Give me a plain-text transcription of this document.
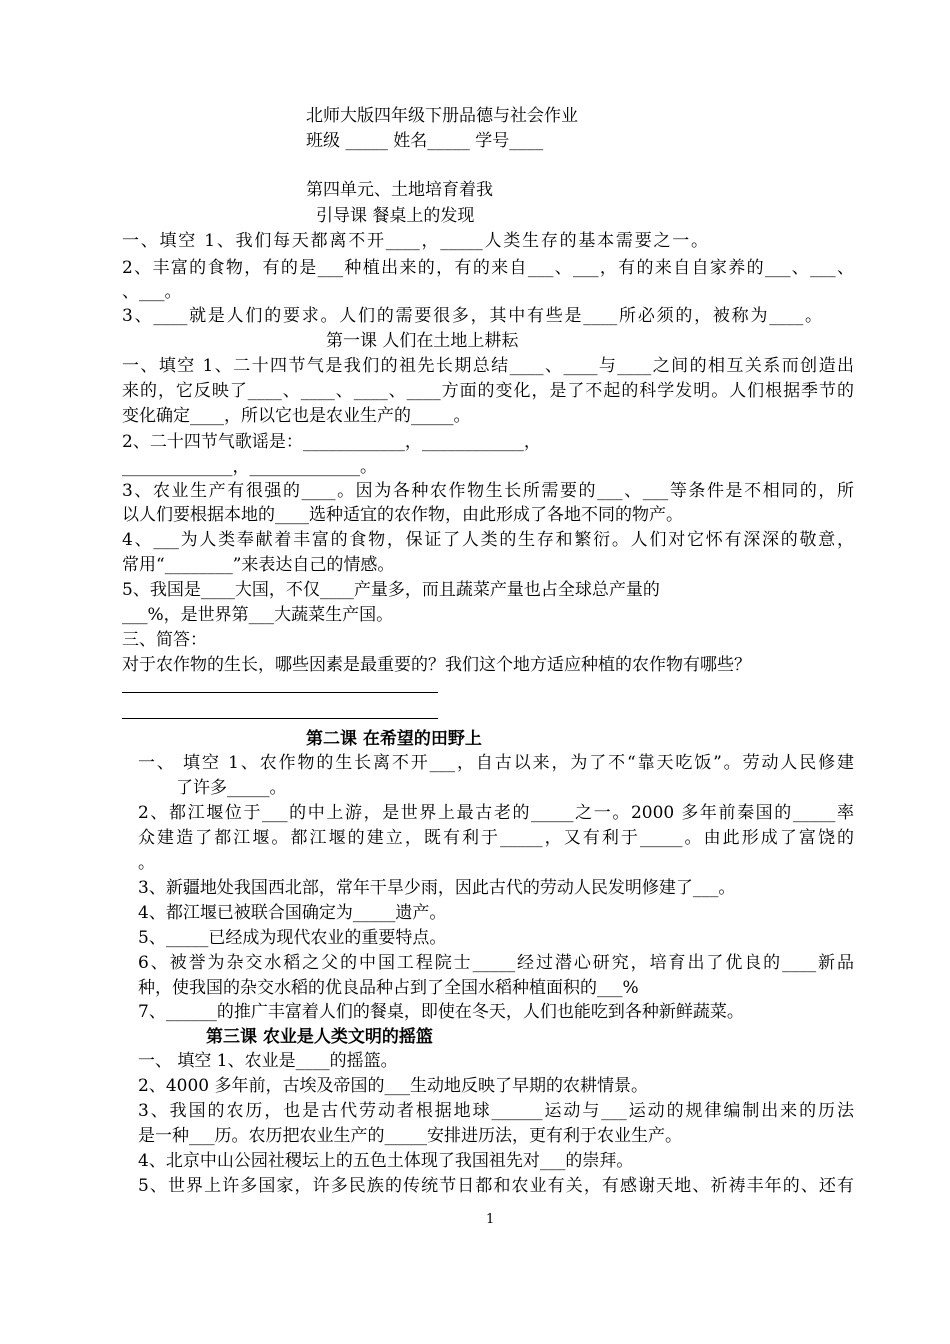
北师大版四年级下册品德与社会作业
班级 _____ 姓名_____ 学号____
第四单元、土地培育着我
引导课 餐桌上的发现
一、填空 1、我们每天都离不开____，_____人类生存的基本需要之一。
2、丰富的食物，有的是___种植出来的，有的来自___、___，有的来自自家养的___、___、
、___。
3、____就是人们的要求。人们的需要很多，其中有些是____所必须的，被称为____。
第一课 人们在土地上耕耘
一、填空 1、二十四节气是我们的祖先长期总结____、____与____之间的相互关系而创造出
来的，它反映了____、____、____、____方面的变化，是了不起的科学发明。人们根据季节的
变化确定____，所以它也是农业生产的_____。
2、二十四节气歌谣是：____________，____________，
_____________，_____________。
3、农业生产有很强的____。因为各种农作物生长所需要的___、___等条件是不相同的，所
以人们要根据本地的____选种适宜的农作物，由此形成了各地不同的物产。
4、___为人类奉献着丰富的食物，保证了人类的生存和繁衍。人们对它怀有深深的敬意，
常用“________”来表达自己的情感。
5、我国是____大国，不仅____产量多，而且蔬菜产量也占全球总产量的
___%，是世界第___大蔬菜生产国。
三、简答：
对于农作物的生长，哪些因素是最重要的？我们这个地方适应种植的农作物有哪些？
第二课 在希望的田野上
一、 填空 1、农作物的生长离不开___，自古以来，为了不“靠天吃饭”。劳动人民修建
了许多_____。
2、都江堰位于___的中上游，是世界上最古老的_____之一。2000 多年前秦国的_____率
众建造了都江堰。都江堰的建立，既有利于_____，又有利于_____。由此形成了富饶的
。
3、新疆地处我国西北部，常年干旱少雨，因此古代的劳动人民发明修建了___。
4、都江堰已被联合国确定为_____遗产。
5、_____已经成为现代农业的重要特点。
6、被誉为杂交水稻之父的中国工程院士_____经过潜心研究，培育出了优良的____新品
种，使我国的杂交水稻的优良品种占到了全国水稻种植面积的___%
7、______的推广丰富着人们的餐桌，即使在冬天，人们也能吃到各种新鲜蔬菜。
第三课 农业是人类文明的摇篮
一、 填空 1、农业是____的摇篮。
2、4000 多年前，古埃及帝国的___生动地反映了早期的农耕情景。
3、我国的农历，也是古代劳动者根据地球______运动与___运动的规律编制出来的历法
是一种___历。农历把农业生产的_____安排进历法，更有利于农业生产。
4、北京中山公园社稷坛上的五色土体现了我国祖先对___的崇拜。
5、世界上许多国家，许多民族的传统节日都和农业有关，有感谢天地、祈祷丰年的、还有
1
